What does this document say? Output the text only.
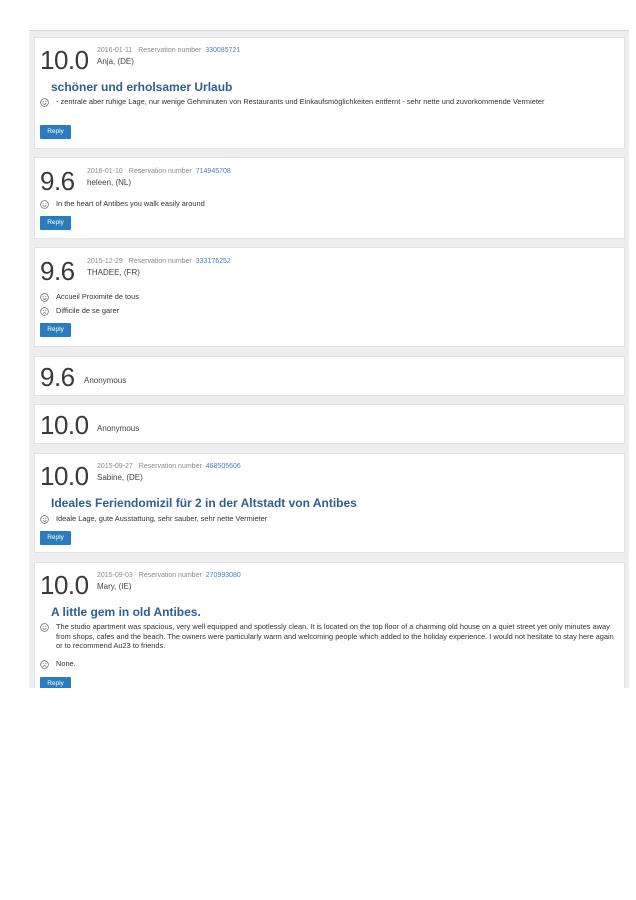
10.0 2016-01-11 Reservation number 330085721
Anja, (DE)
schöner und erholsamer Urlaub
- zentrale aber ruhige Lage, nur wenige Gehminuten von Restaurants und Einkaufsmöglichkeiten entfernt - sehr nette und zuvorkommende Vermieter
Reply
9.6 2016-01-10 Reservation number 714945708
heleen, (NL)
In the heart of Antibes you walk easily around
Reply
9.6 2015-12-29 Reservation number 333176252
THADEE, (FR)
Accueil Proximité de tous
Difficile de se garer
Reply
9.6 Anonymous
10.0 Anonymous
10.0 2015-09-27 Reservation number 468505606
Sabine, (DE)
Ideales Feriendomizil für 2 in der Altstadt von Antibes
Ideale Lage, gute Ausstattung, sehr sauber, sehr nette Vermieter
Reply
10.0 2015-09-03 Reservation number 270993080
Mary, (IE)
A little gem in old Antibes.
The studio apartment was spacious, very well equipped and spotlessly clean. It is located on the top floor of a charming old house on a quiet street yet only minutes away from shops, cafes and the beach. The owners were particularly warm and welcoming people which added to the holiday experience. I would not hesitate to stay here again or to recommend Au23 to friends.
None.
Reply
